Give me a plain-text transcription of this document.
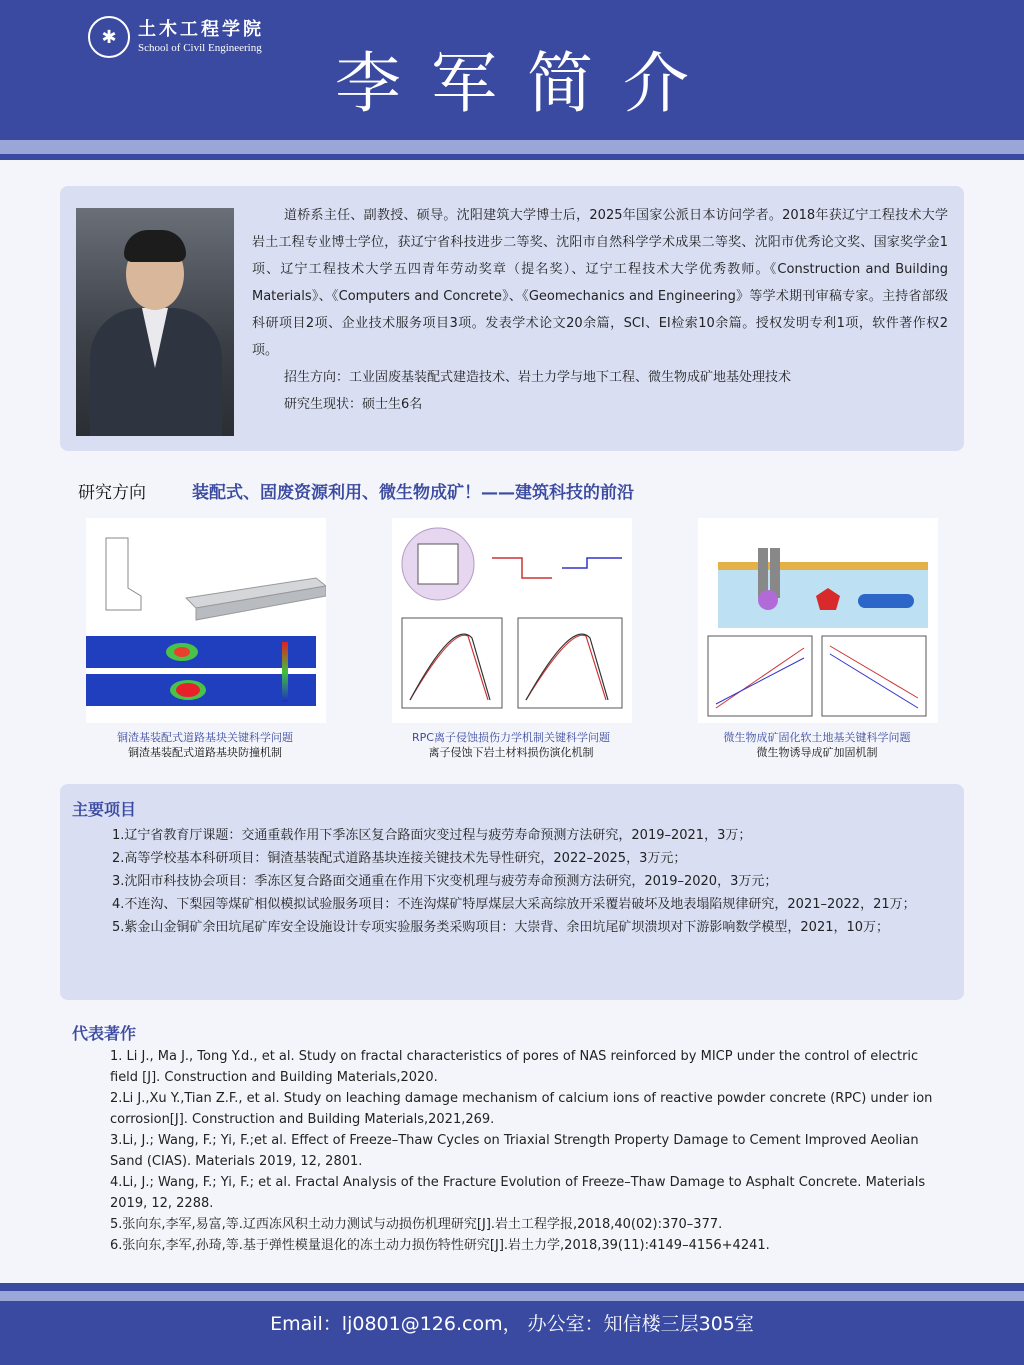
✱	土木工程学院
School of Civil Engineering 李军简介

道桥系主任、副教授、硕导。沈阳建筑大学博士后，2025年国家公派日本访问学者。2018年获辽宁工程技术大学岩土工程专业博士学位，获辽宁省科技进步二等奖、沈阳市自然科学学术成果二等奖、沈阳市优秀论文奖、国家奖学金1项、辽宁工程技术大学五四青年劳动奖章（提名奖）、辽宁工程技术大学优秀教师。《Construction and Building Materials》、《Computers and Concrete》、《Geomechanics and Engineering》等学术期刊审稿专家。主持省部级科研项目2项、企业技术服务项目3项。发表学术论文20余篇，SCI、EI检索10余篇。授权发明专利1项，软件著作权2项。

招生方向：工业固废基装配式建造技术、岩土力学与地下工程、微生物成矿地基处理技术
研究生现状：硕士生6名
研究方向	装配式、固废资源利用、微生物成矿！——建筑科技的前沿
铜渣基装配式道路基块关键科学问题
铜渣基装配式道路基块防撞机制
RPC离子侵蚀损伤力学机制关键科学问题
离子侵蚀下岩土材料损伤演化机制
微生物成矿固化软土地基关键科学问题
微生物诱导成矿加固机制
主要项目
1.辽宁省教育厅课题：交通重载作用下季冻区复合路面灾变过程与疲劳寿命预测方法研究，2019–2021，3万；
2.高等学校基本科研项目：铜渣基装配式道路基块连接关键技术先导性研究，2022–2025，3万元；
3.沈阳市科技协会项目：季冻区复合路面交通重在作用下灾变机理与疲劳寿命预测方法研究，2019–2020，3万元；
4.不连沟、下梨园等煤矿相似模拟试验服务项目：不连沟煤矿特厚煤层大采高综放开采覆岩破坏及地表塌陷规律研究，2021–2022，21万；
5.紫金山金铜矿余田坑尾矿库安全设施设计专项实验服务类采购项目：大崇背、余田坑尾矿坝溃坝对下游影响数学模型，2021，10万；
代表著作
1. Li J., Ma J., Tong Y.d., et al. Study on fractal characteristics of pores of NAS reinforced by MICP under the control of electric field [J]. Construction and Building Materials,2020.
2.Li J.,Xu Y.,Tian Z.F., et al. Study on leaching damage mechanism of calcium ions of reactive powder concrete (RPC) under ion corrosion[J]. Construction and Building Materials,2021,269.
3.Li, J.; Wang, F.; Yi, F.;et al. Effect of Freeze–Thaw Cycles on Triaxial Strength Property Damage to Cement Improved Aeolian Sand (CIAS). Materials 2019, 12, 2801.
4.Li, J.; Wang, F.; Yi, F.; et al. Fractal Analysis of the Fracture Evolution of Freeze–Thaw Damage to Asphalt Concrete. Materials 2019, 12, 2288.
5.张向东,李军,易富,等.辽西冻风积土动力测试与动损伤机理研究[J].岩土工程学报,2018,40(02):370–377.
6.张向东,李军,孙琦,等.基于弹性模量退化的冻土动力损伤特性研究[J].岩土力学,2018,39(11):4149–4156+4241.
Email：lj0801@126.com， 办公室：知信楼三层305室
